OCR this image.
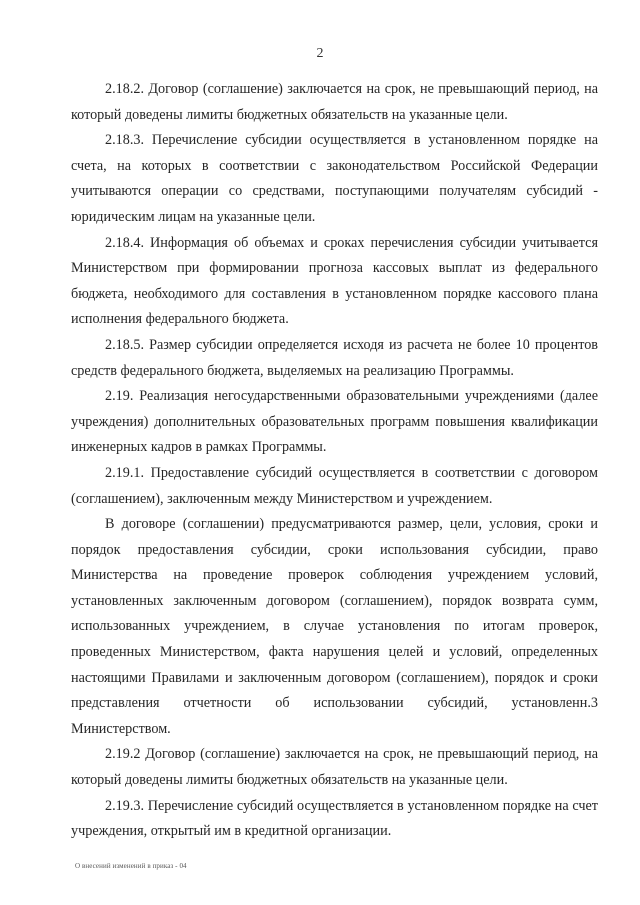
2

2.18.2. Договор (соглашение) заключается на срок, не превышающий период, на который доведены лимиты бюджетных обязательств на указанные цели.

2.18.3. Перечисление субсидии осуществляется в установленном порядке на счета, на которых в соответствии с законодательством Российской Федерации учитываются операции со средствами, поступающими получателям субсидий - юридическим лицам на указанные цели.

2.18.4. Информация об объемах и сроках перечисления субсидии учитывается Министерством при формировании прогноза кассовых выплат из федерального бюджета, необходимого для составления в установленном порядке кассового плана исполнения федерального бюджета.

2.18.5. Размер субсидии определяется исходя из расчета не более 10 процентов средств федерального бюджета, выделяемых на реализацию Программы.

2.19. Реализация негосударственными образовательными учреждениями (далее учреждения) дополнительных образовательных программ повышения квалификации инженерных кадров в рамках Программы.

2.19.1. Предоставление субсидий осуществляется в соответствии с договором (соглашением), заключенным между Министерством и учреждением.

В договоре (соглашении) предусматриваются размер, цели, условия, сроки и порядок предоставления субсидии, сроки использования субсидии, право Министерства на проведение проверок соблюдения учреждением условий, установленных заключенным договором (соглашением), порядок возврата сумм, использованных учреждением, в случае установления по итогам проверок, проведенных Министерством, факта нарушения целей и условий, определенных настоящими Правилами и заключенным договором (соглашением), порядок и сроки представления отчетности об использовании субсидий, установленн.3 Министерством.

2.19.2 Договор (соглашение) заключается на срок, не превышающий период, на который доведены лимиты бюджетных обязательств на указанные цели.

2.19.3. Перечисление субсидий осуществляется в установленном порядке на счет учреждения, открытый им в кредитной организации.

О внесений изменений в приказ - 04
